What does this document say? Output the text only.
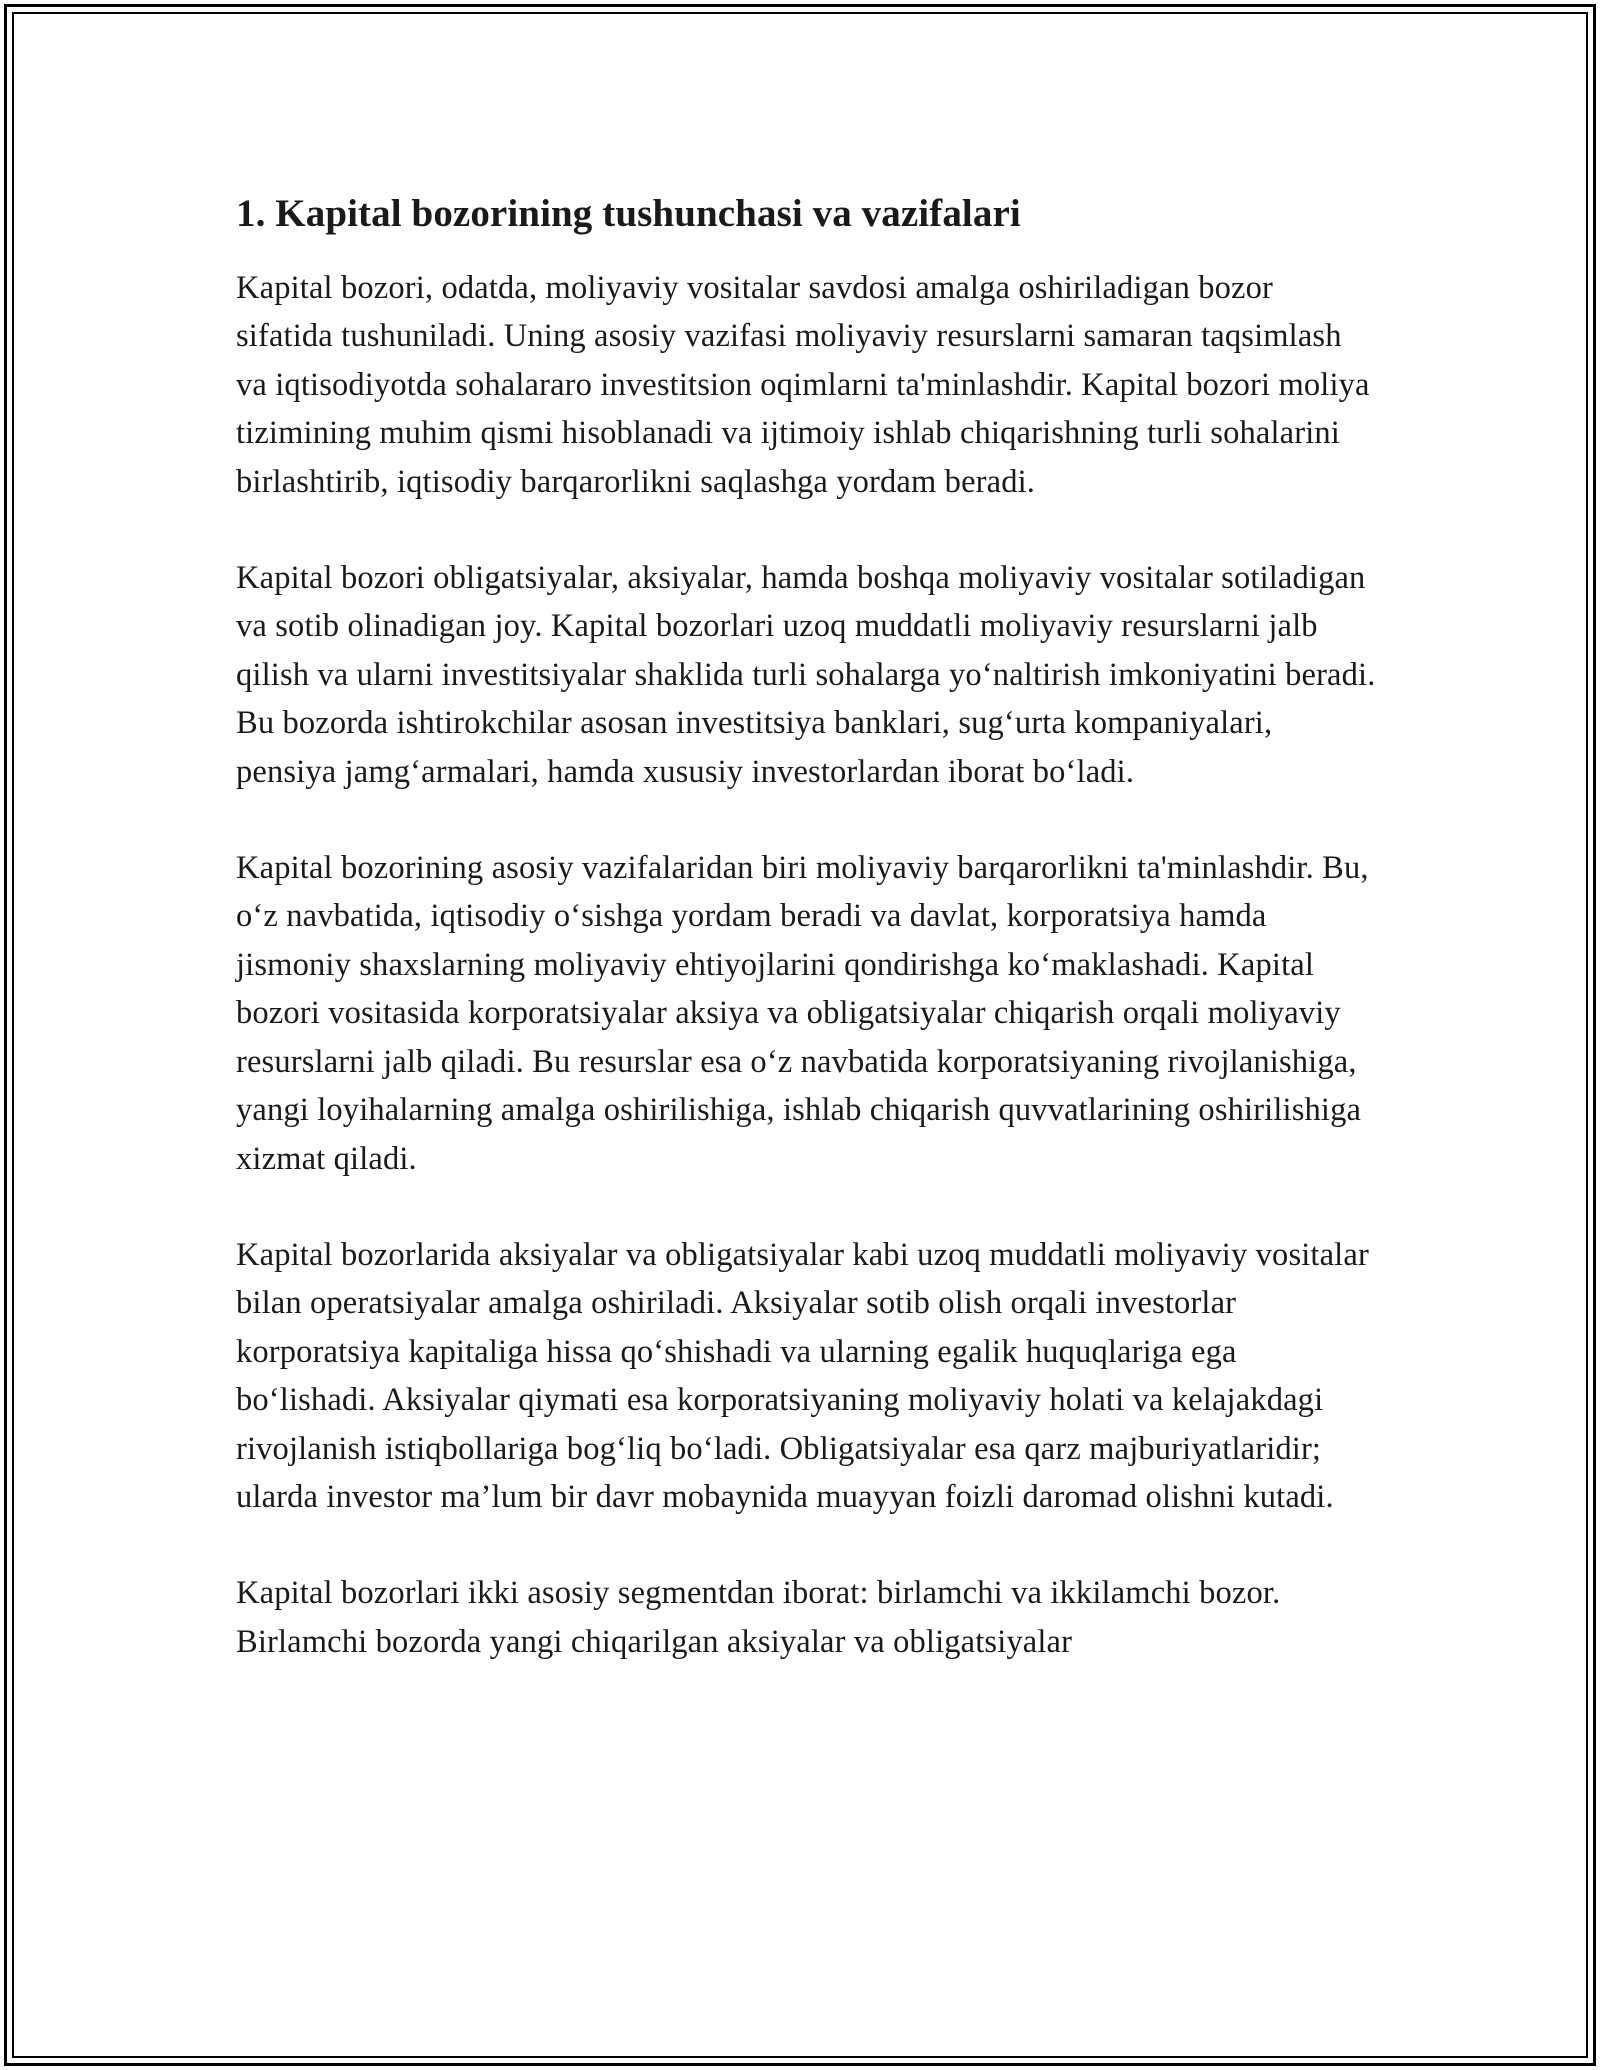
1. Kapital bozorining tushunchasi va vazifalari

Kapital bozori, odatda, moliyaviy vositalar savdosi amalga oshiriladigan bozor sifatida tushuniladi. Uning asosiy vazifasi moliyaviy resurslarni samaran taqsimlash va iqtisodiyotda sohalararo investitsion oqimlarni ta'minlashdir. Kapital bozori moliya tizimining muhim qismi hisoblanadi va ijtimoiy ishlab chiqarishning turli sohalarini birlashtirib, iqtisodiy barqarorlikni saqlashga yordam beradi.

Kapital bozori obligatsiyalar, aksiyalar, hamda boshqa moliyaviy vositalar sotiladigan va sotib olinadigan joy. Kapital bozorlari uzoq muddatli moliyaviy resurslarni jalb qilish va ularni investitsiyalar shaklida turli sohalarga yo‘naltirish imkoniyatini beradi. Bu bozorda ishtirokchilar asosan investitsiya banklari, sug‘urta kompaniyalari, pensiya jamg‘armalari, hamda xususiy investorlardan iborat bo‘ladi.

Kapital bozorining asosiy vazifalaridan biri moliyaviy barqarorlikni ta'minlashdir. Bu, o‘z navbatida, iqtisodiy o‘sishga yordam beradi va davlat, korporatsiya hamda jismoniy shaxslarning moliyaviy ehtiyojlarini qondirishga ko‘maklashadi. Kapital bozori vositasida korporatsiyalar aksiya va obligatsiyalar chiqarish orqali moliyaviy resurslarni jalb qiladi. Bu resurslar esa o‘z navbatida korporatsiyaning rivojlanishiga, yangi loyihalarning amalga oshirilishiga, ishlab chiqarish quvvatlarining oshirilishiga xizmat qiladi.

Kapital bozorlarida aksiyalar va obligatsiyalar kabi uzoq muddatli moliyaviy vositalar bilan operatsiyalar amalga oshiriladi. Aksiyalar sotib olish orqali investorlar korporatsiya kapitaliga hissa qo‘shishadi va ularning egalik huquqlariga ega bo‘lishadi. Aksiyalar qiymati esa korporatsiyaning moliyaviy holati va kelajakdagi rivojlanish istiqbollariga bog‘liq bo‘ladi. Obligatsiyalar esa qarz majburiyatlaridir; ularda investor ma’lum bir davr mobaynida muayyan foizli daromad olishni kutadi.

Kapital bozorlari ikki asosiy segmentdan iborat: birlamchi va ikkilamchi bozor. Birlamchi bozorda yangi chiqarilgan aksiyalar va obligatsiyalar
